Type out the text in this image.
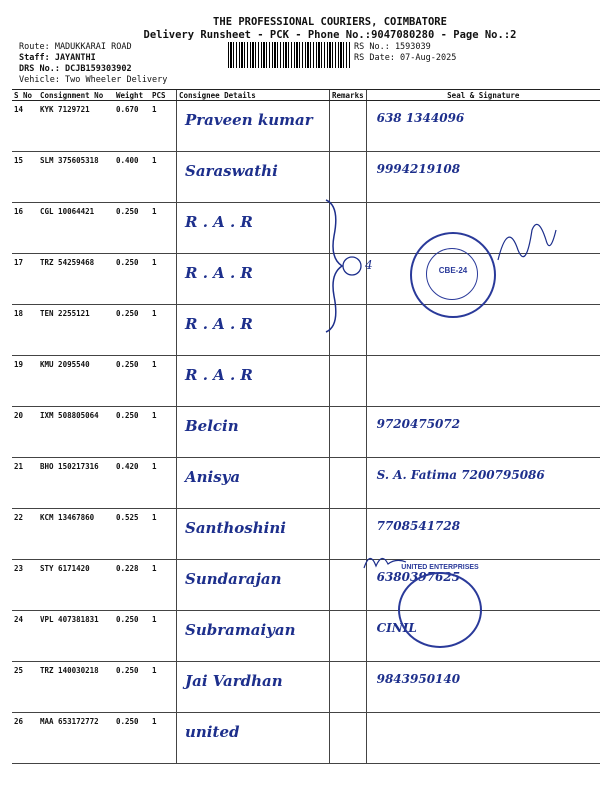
THE PROFESSIONAL COURIERS, COIMBATORE
Delivery Runsheet - PCK - Phone No.:9047080280 - Page No.:2
Route: MADUKKARAI ROAD
Staff: JAYANTHI
DRS No.: DCJB159303902
Vehicle: Two Wheeler Delivery
RS No.: 1593039
RS Date: 07-Aug-2025
S No	Consignment No	Weight	PCS	Consignee Details	Remarks	Seal & Signature
14	KYK 7129721	0.670	1	Praveen kumar		638 1344096
15	SLM 375605318	0.400	1	Saraswathi		9994219108
16	CGL 10064421	0.250	1	R . A . R		
17	TRZ 54259468	0.250	1	R . A . R		
18	TEN 2255121	0.250	1	R . A . R		
19	KMU 2095540	0.250	1	R . A . R		
20	IXM 508805064	0.250	1	Belcin		9720475072
21	BHO 150217316	0.420	1	Anisya		S. A. Fatima 7200795086
22	KCM 13467860	0.525	1	Santhoshini		7708541728
23	STY 6171420	0.228	1	Sundarajan		6380397625
24	VPL 407381831	0.250	1	Subramaiyan		CINIL
25	TRZ 140030218	0.250	1	Jai Vardhan		9843950140
26	MAA 653172772	0.250	1	united		
4	CBE-24
UNITED ENTERPRISES
